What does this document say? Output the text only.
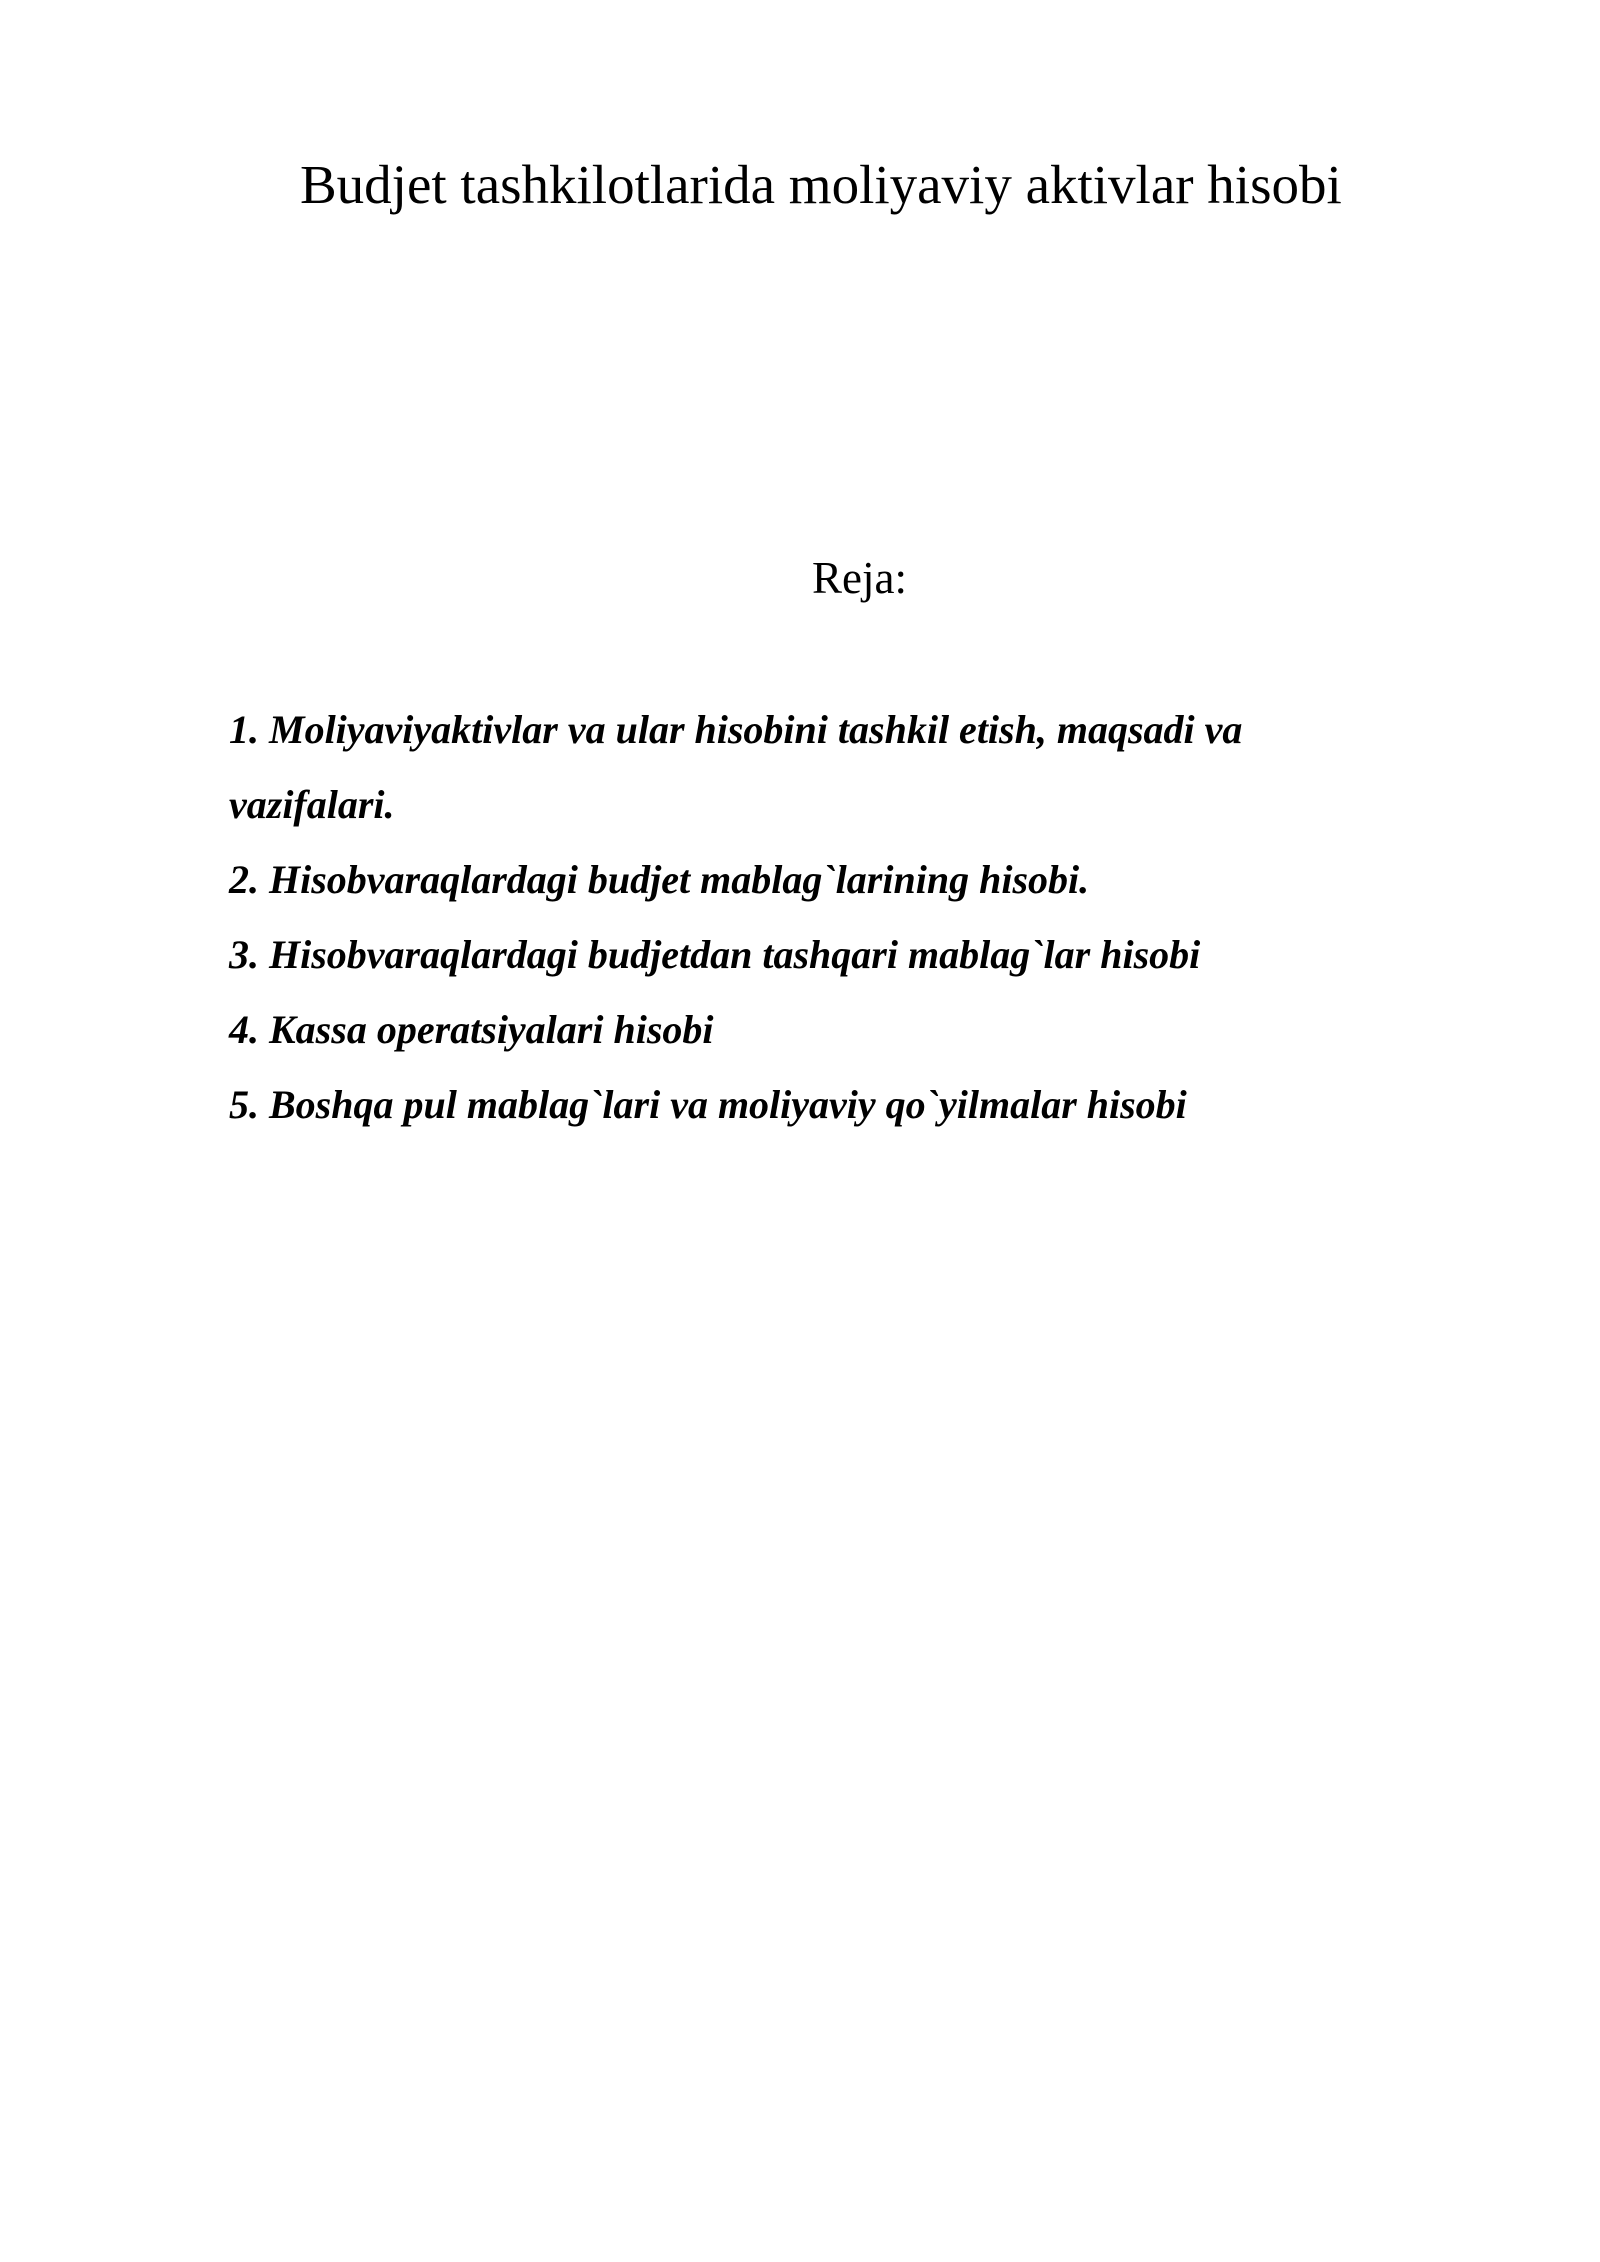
Budjet tashkilotlarida moliyaviy aktivlar hisobi
Reja:
1. Moliyaviyaktivlar va ular hisobini tashkil etish, maqsadi va vazifalari.
2. Hisobvaraqlardagi budjet mablag`larining hisobi.
3. Hisobvaraqlardagi budjetdan tashqari mablag`lar hisobi
4. Kassa operatsiyalari hisobi
5. Boshqa pul mablag`lari va moliyaviy qo`yilmalar hisobi
